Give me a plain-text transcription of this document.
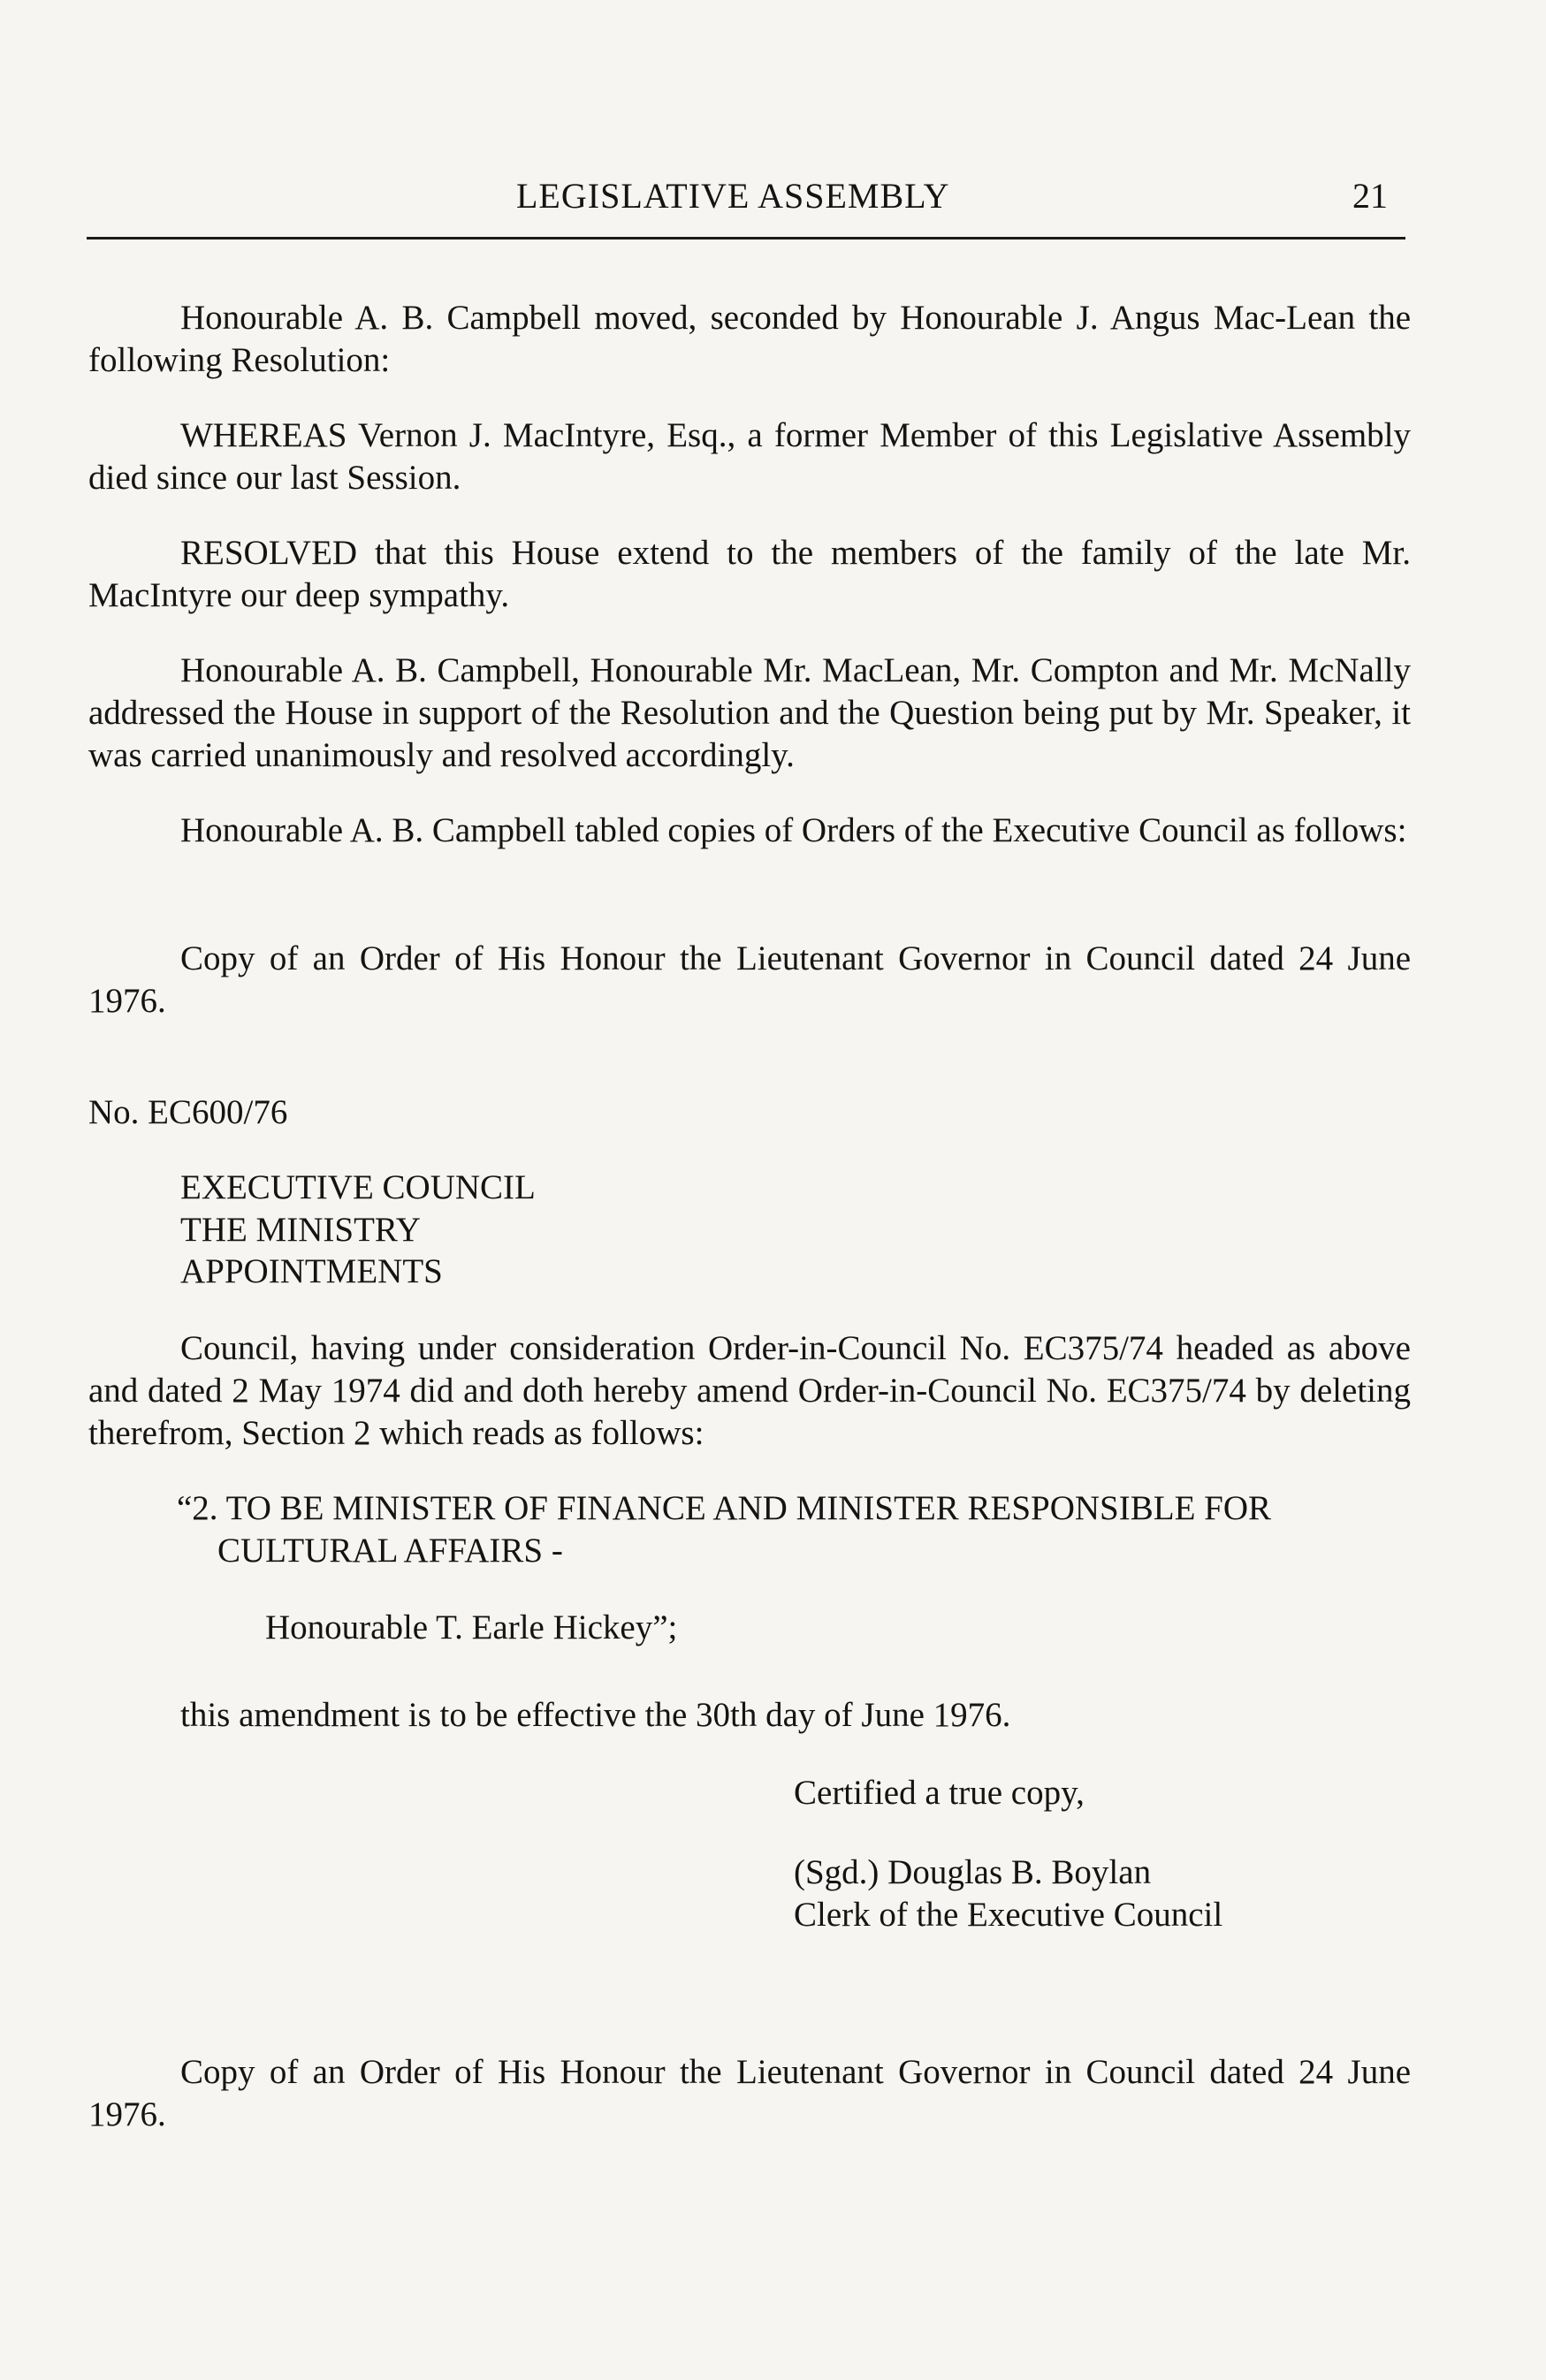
LEGISLATIVE ASSEMBLY	21

Honourable A. B. Campbell moved, seconded by Honourable J. Angus Mac-Lean the following Resolution:

WHEREAS Vernon J. MacIntyre, Esq., a former Member of this Legislative Assembly died since our last Session.

RESOLVED that this House extend to the members of the family of the late Mr. MacIntyre our deep sympathy.

Honourable A. B. Campbell, Honourable Mr. MacLean, Mr. Compton and Mr. McNally addressed the House in support of the Resolution and the Question being put by Mr. Speaker, it was carried unanimously and resolved accordingly.

Honourable A. B. Campbell tabled copies of Orders of the Executive Council as follows:

Copy of an Order of His Honour the Lieutenant Governor in Council dated 24 June 1976.

No. EC600/76
EXECUTIVE COUNCIL
THE MINISTRY
APPOINTMENTS

Council, having under consideration Order-in-Council No. EC375/74 headed as above and dated 2 May 1974 did and doth hereby amend Order-in-Council No. EC375/74 by deleting therefrom, Section 2 which reads as follows:

“2. TO BE MINISTER OF FINANCE AND MINISTER RESPONSIBLE FOR CULTURAL AFFAIRS -

Honourable T. Earle Hickey”;
this amendment is to be effective the 30th day of June 1976.
Certified a true copy,
(Sgd.) Douglas B. Boylan
Clerk of the Executive Council

Copy of an Order of His Honour the Lieutenant Governor in Council dated 24 June 1976.
